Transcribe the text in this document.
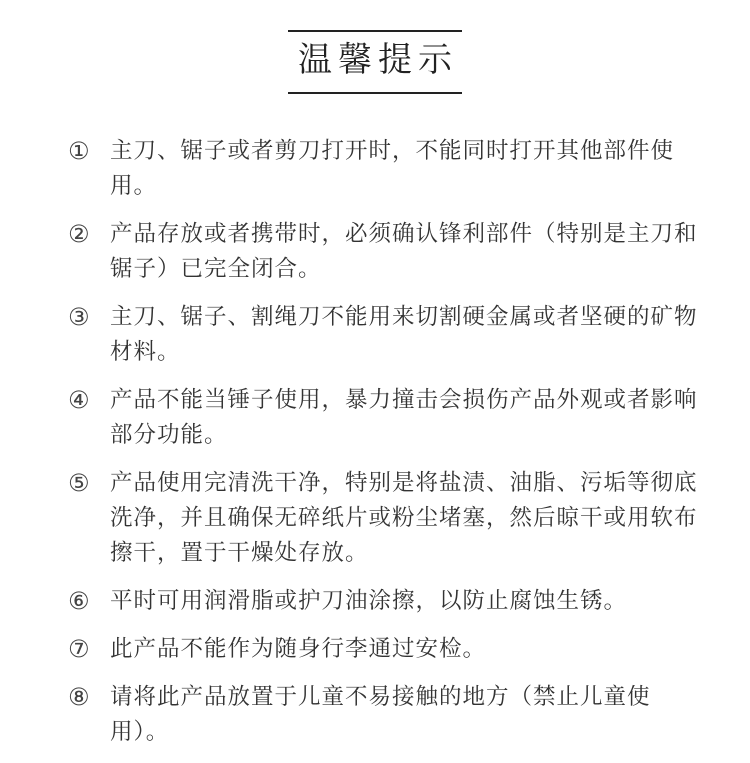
温馨提示
① 主刀、锯子或者剪刀打开时，不能同时打开其他部件使用。
② 产品存放或者携带时，必须确认锋利部件（特别是主刀和锯子）已完全闭合。
③ 主刀、锯子、割绳刀不能用来切割硬金属或者坚硬的矿物材料。
④ 产品不能当锤子使用，暴力撞击会损伤产品外观或者影响部分功能。
⑤ 产品使用完清洗干净，特别是将盐渍、油脂、污垢等彻底洗净，并且确保无碎纸片或粉尘堵塞，然后晾干或用软布擦干，置于干燥处存放。
⑥ 平时可用润滑脂或护刀油涂擦，以防止腐蚀生锈。
⑦ 此产品不能作为随身行李通过安检。
⑧ 请将此产品放置于儿童不易接触的地方（禁止儿童使用）。
